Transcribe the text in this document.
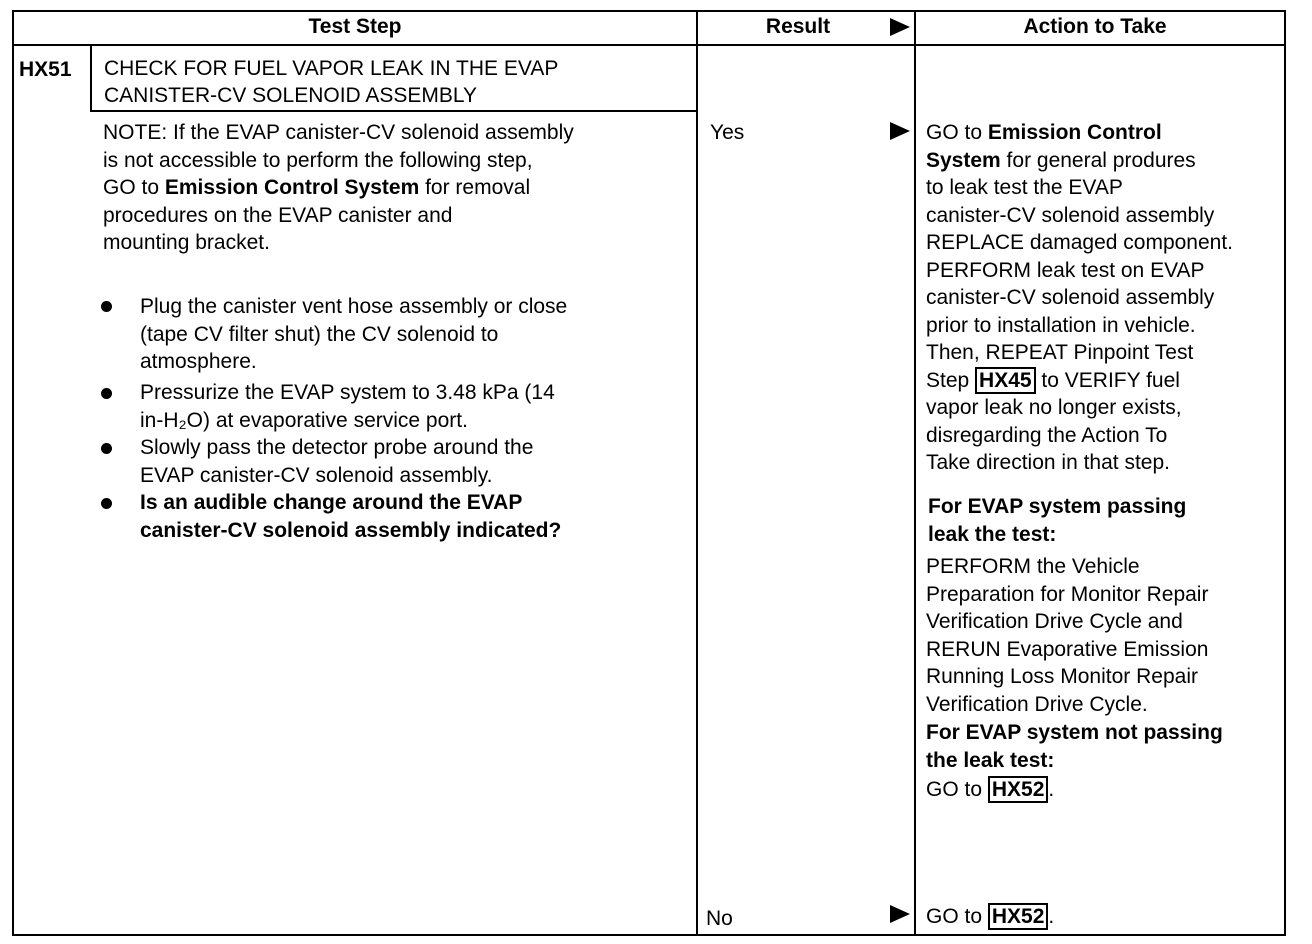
Test Step	Result	Action to Take
HX51 CHECK FOR FUEL VAPOR LEAK IN THE EVAP
CANISTER-CV SOLENOID ASSEMBLY
NOTE: If the EVAP canister-CV solenoid assembly
is not accessible to perform the following step,
GO to Emission Control System for removal
procedures on the EVAP canister and
mounting bracket.
Plug the canister vent hose assembly or close
(tape CV filter shut) the CV solenoid to
atmosphere.
Pressurize the EVAP system to 3.48 kPa (14
in-H₂O) at evaporative service port.
Slowly pass the detector probe around the
EVAP canister-CV solenoid assembly.
Is an audible change around the EVAP
canister-CV solenoid assembly indicated?
Yes
No
GO to Emission Control
System for general produres
to leak test the EVAP
canister-CV solenoid assembly
REPLACE damaged component.
PERFORM leak test on EVAP
canister-CV solenoid assembly
prior to installation in vehicle.
Then, REPEAT Pinpoint Test
Step HX45 to VERIFY fuel
vapor leak no longer exists,
disregarding the Action To
Take direction in that step.
For EVAP system passing
leak the test:
PERFORM the Vehicle
Preparation for Monitor Repair
Verification Drive Cycle and
RERUN Evaporative Emission
Running Loss Monitor Repair
Verification Drive Cycle.
For EVAP system not passing
the leak test:
GO to HX52 .
GO to HX52 .
